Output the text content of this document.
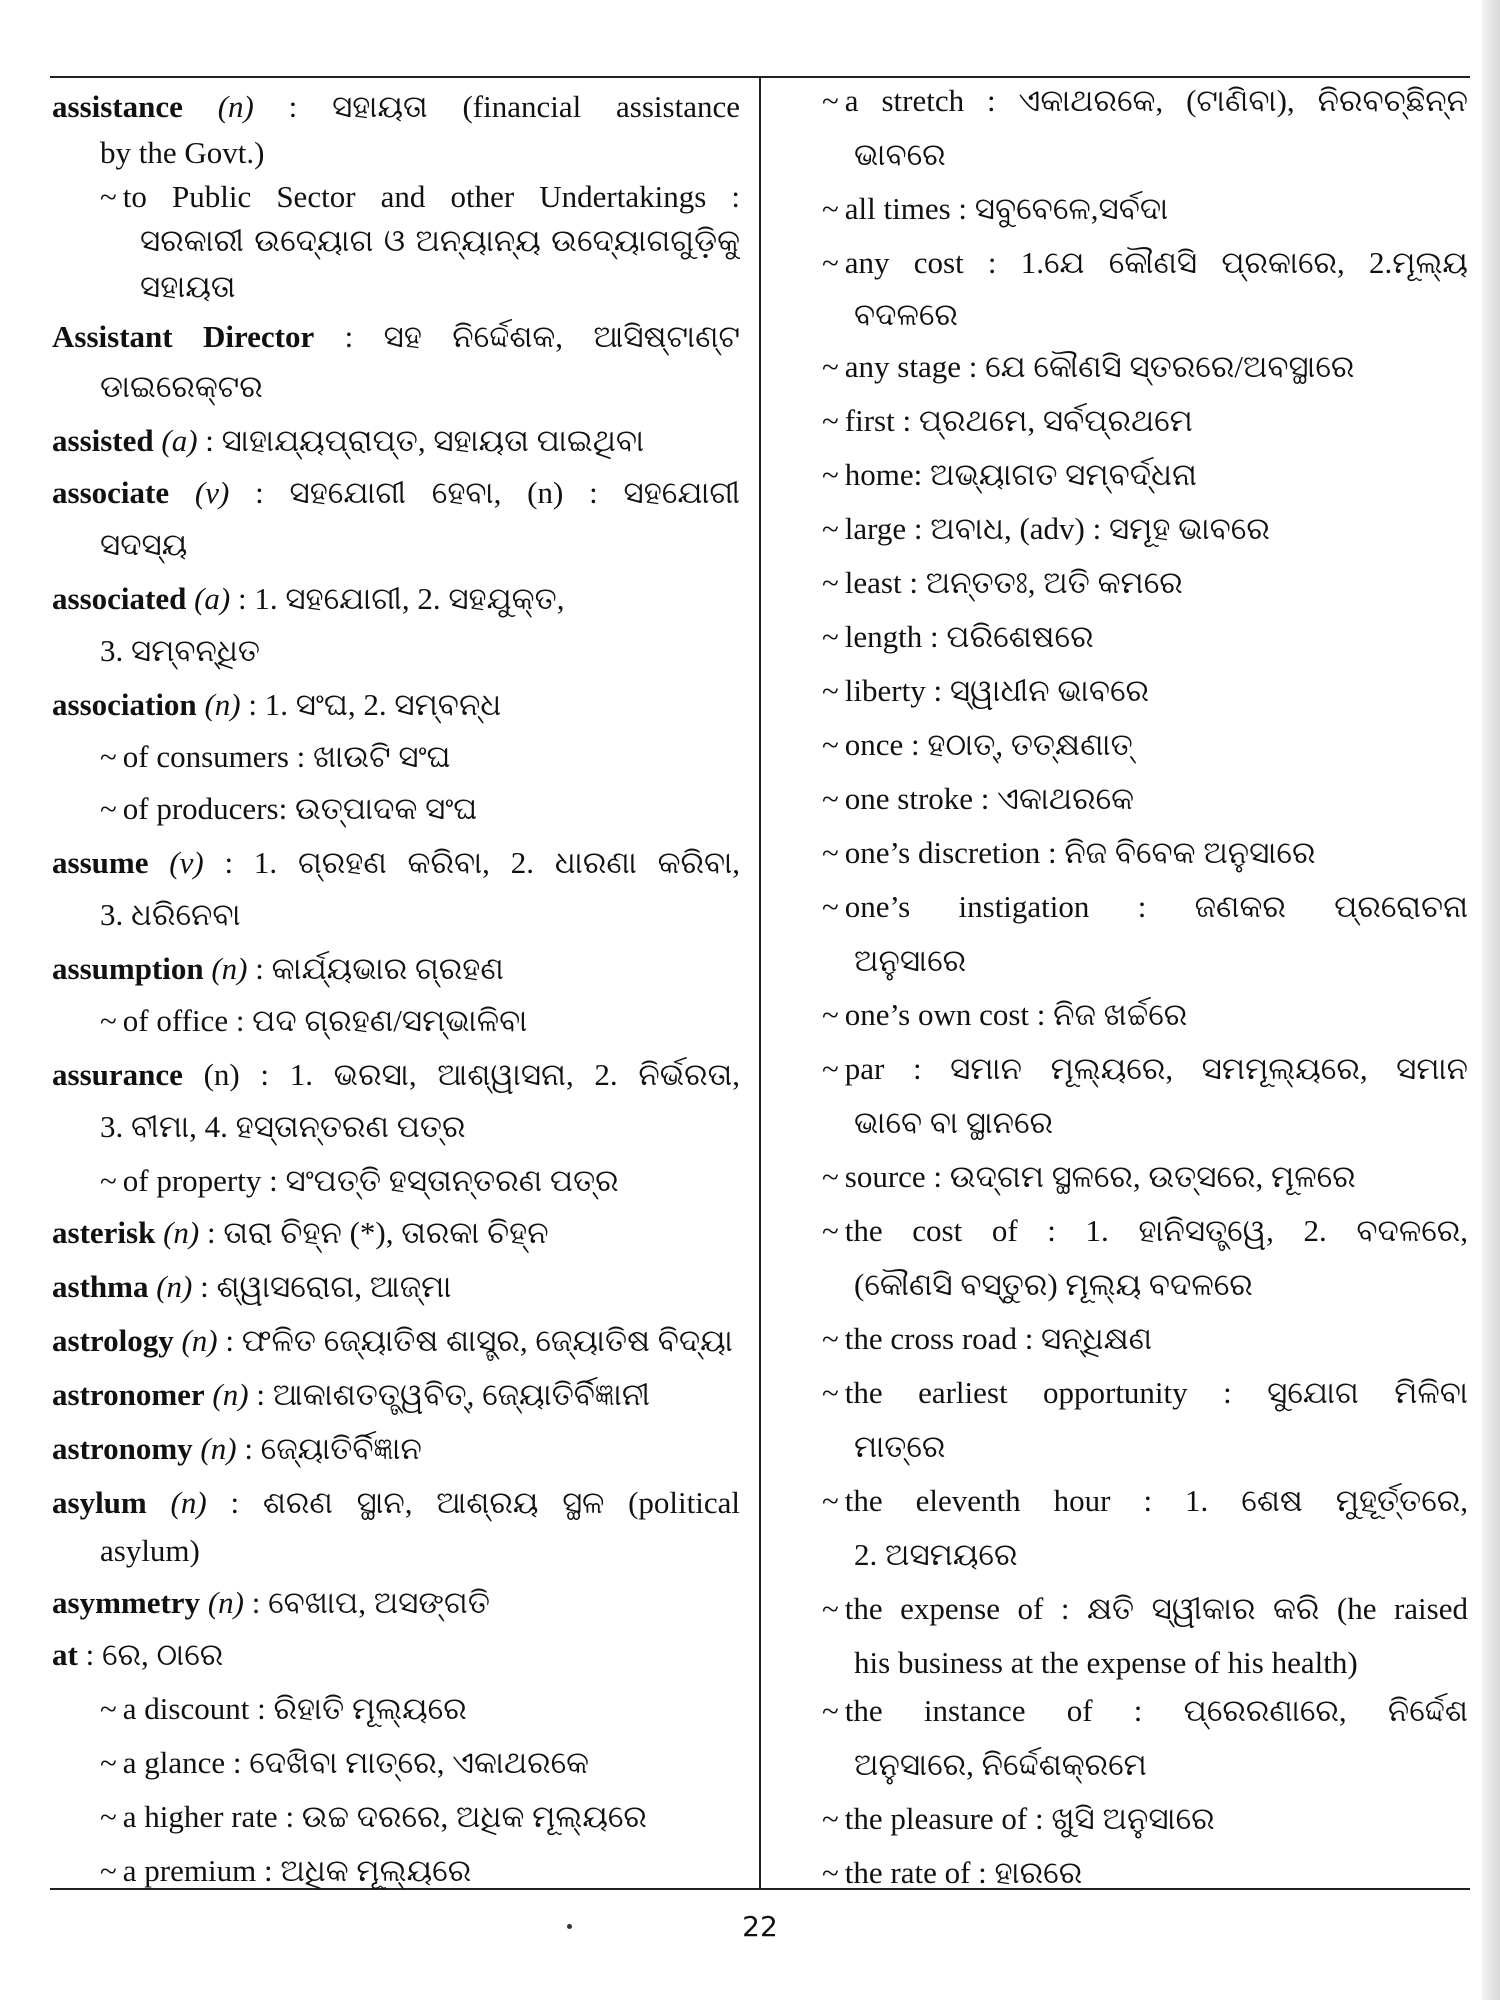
assistance (n) : ସହାୟତା (financial assistance
by the Govt.)
~ to Public Sector and other Undertakings :
ସରକାରୀ ଉଦ୍ୟୋଗ ଓ ଅନ୍ୟାନ୍ୟ ଉଦ୍ୟୋଗଗୁଡ଼ିକୁ
ସହାୟତା
Assistant Director : ସହ ନିର୍ଦ୍ଦେଶକ, ଆସିଷ୍ଟାଣ୍ଟ
ଡାଇରେକ୍ଟର
assisted (a) : ସାହାଯ୍ୟପ୍ରାପ୍ତ, ସହାୟତା ପାଇଥିବା
associate (v) : ସହଯୋଗୀ ହେବା, (n) : ସହଯୋଗୀ
ସଦସ୍ୟ
associated (a) : 1. ସହଯୋଗୀ, 2. ସହଯୁକ୍ତ,
3. ସମ୍ବନ୍ଧିତ
association (n) : 1. ସଂଘ, 2. ସମ୍ବନ୍ଧ
~ of consumers : ଖାଉଟି ସଂଘ
~ of producers: ଉତ୍ପାଦକ ସଂଘ
assume (v) : 1. ଗ୍ରହଣ କରିବା, 2. ଧାରଣା କରିବା,
3. ଧରିନେବା
assumption (n) : କାର୍ଯ୍ୟଭାର ଗ୍ରହଣ
~ of office : ପଦ ଗ୍ରହଣ/ସମ୍ଭାଳିବା
assurance (n) : 1. ଭରସା, ଆଶ୍ୱାସନା, 2. ନିର୍ଭରତା,
3. ବୀମା, 4. ହସ୍ତାନ୍ତରଣ ପତ୍ର
~ of property : ସଂପତ୍ତି ହସ୍ତାନ୍ତରଣ ପତ୍ର
asterisk (n) : ତାରା ଚିହ୍ନ (*), ତାରକା ଚିହ୍ନ
asthma (n) : ଶ୍ୱାସରୋଗ, ଆଜ୍ମା
astrology (n) : ଫଳିତ ଜ୍ୟୋତିଷ ଶାସ୍ତ୍ର, ଜ୍ୟୋତିଷ ବିଦ୍ୟା
astronomer (n) : ଆକାଶତତ୍ତ୍ୱବିତ୍, ଜ୍ୟୋତିର୍ବିଜ୍ଞାନୀ
astronomy (n) : ଜ୍ୟୋତିର୍ବିଜ୍ଞାନ
asylum (n) : ଶରଣ ସ୍ଥାନ, ଆଶ୍ରୟ ସ୍ଥଳ (political
asylum)
asymmetry (n) : ବେଖାପ, ଅସଙ୍ଗତି
at : ରେ, ଠାରେ
~ a discount : ରିହାତି ମୂଲ୍ୟରେ
~ a glance : ଦେଖିବା ମାତ୍ରେ, ଏକାଥରକେ
~ a higher rate : ଉଚ୍ଚ ଦରରେ, ଅଧିକ ମୂଲ୍ୟରେ
~ a premium : ଅଧିକ ମୂଲ୍ୟରେ
~ a stretch : ଏକାଥରକେ, (ଟାଣିବା), ନିରବଚ୍ଛିନ୍ନ
ଭାବରେ
~ all times : ସବୁବେଳେ,ସର୍ବଦା
~ any cost : 1.ଯେ କୌଣସି ପ୍ରକାରେ, 2.ମୂଲ୍ୟ
ବଦଳରେ
~ any stage : ଯେ କୌଣସି ସ୍ତରରେ/ଅବସ୍ଥାରେ
~ first : ପ୍ରଥମେ, ସର୍ବପ୍ରଥମେ
~ home: ଅଭ୍ୟାଗତ ସମ୍ବର୍ଦ୍ଧନା
~ large : ଅବାଧ, (adv) : ସମୂହ ଭାବରେ
~ least : ଅନ୍ତତଃ, ଅତି କମରେ
~ length : ପରିଶେଷରେ
~ liberty : ସ୍ୱାଧୀନ ଭାବରେ
~ once : ହଠାତ୍, ତତ୍କ୍ଷଣାତ୍
~ one stroke : ଏକାଥରକେ
~ one’s discretion : ନିଜ ବିବେକ ଅନୁସାରେ
~ one’s instigation : ଜଣକର ପ୍ରରୋଚନା
ଅନୁସାରେ
~ one’s own cost : ନିଜ ଖର୍ଚ୍ଚରେ
~ par : ସମାନ ମୂଲ୍ୟରେ, ସମମୂଲ୍ୟରେ, ସମାନ
ଭାବେ ବା ସ୍ଥାନରେ
~ source : ଉଦ୍‌ଗମ ସ୍ଥଳରେ, ଉତ୍ସରେ, ମୂଳରେ
~ the cost of : 1. ହାନିସତ୍ତ୍ୱେ, 2. ବଦଳରେ,
(କୌଣସି ବସ୍ତୁର) ମୂଲ୍ୟ ବଦଳରେ
~ the cross road : ସନ୍ଧିକ୍ଷଣ
~ the earliest opportunity : ସୁଯୋଗ ମିଳିବା
ମାତ୍ରେ
~ the eleventh hour : 1. ଶେଷ ମୁହୂର୍ତ୍ତରେ,
2. ଅସମୟରେ
~ the expense of : କ୍ଷତି ସ୍ୱୀକାର କରି (he raised
his business at the expense of his health)
~ the instance of : ପ୍ରେରଣାରେ, ନିର୍ଦ୍ଦେଶ
ଅନୁସାରେ, ନିର୍ଦ୍ଦେଶକ୍ରମେ
~ the pleasure of : ଖୁସି ଅନୁସାରେ
~ the rate of : ହାରରେ
22
